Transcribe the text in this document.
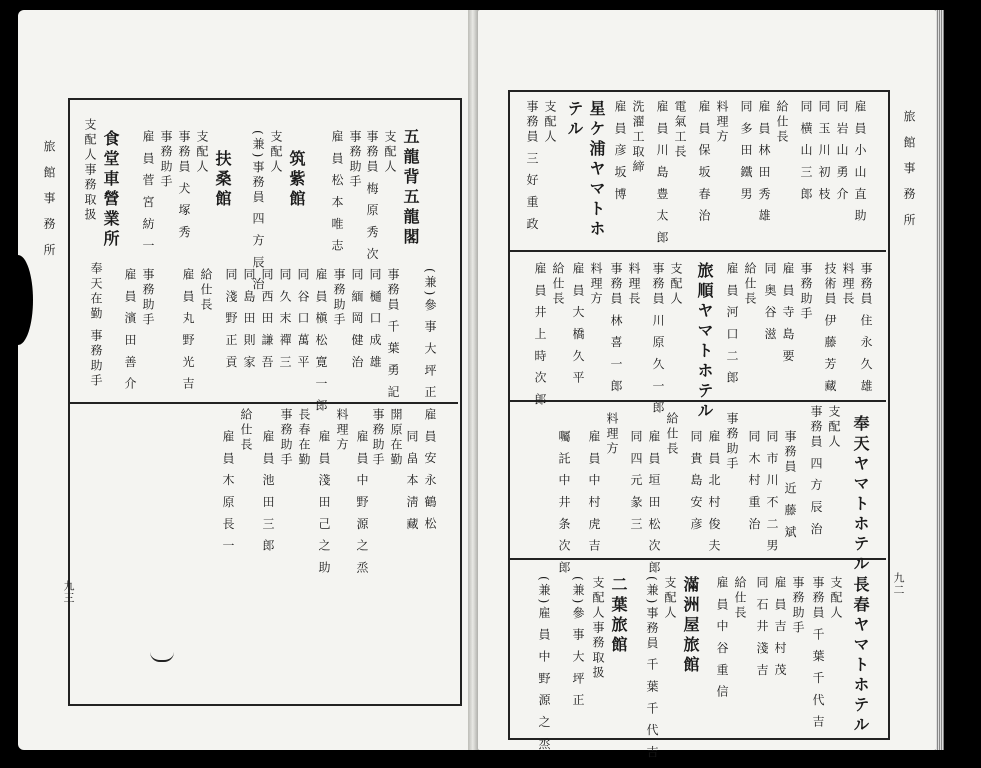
旅 館 事 務 所
九三
旅 館 事 務 所
九二
五龍背五龍閣
支配人
事務員 梅 原 秀 次
事務助手
雇 員 松 本 唯 志
筑紫館
支配人
(兼)事務員 四 方 辰 治
扶桑館
支配人
事務員 犬 塚 秀
事務助手
雇 員 菅 宮 紡 一
食堂車營業所
支配人事務取扱
(兼)參 事 大 坪 正
事務員 千 葉 勇 記
同 樋 口 成 雄
同 緬 岡 健 治
事務助手
雇 員 槇 松 寛 一 郎
同 谷 口 萬 平
同 久 末 禪 三
同 西 田 謙 吾
同 島 田 則 家
同 淺 野 正 貢
給仕長
雇 員 丸 野 光 吉
事務助手
雇 員 濱 田 善 介
奉天在勤 事務助手
雇 員 安 永 鶴 松
開原在勤 同 畠 本 淸 藏
事務助手
雇 員 中 野 源 之 烝
料理方
雇 員 淺 田 己 之 助
長春在勤
事務助手
雇 員 池 田 三 郎
給仕長
雇 員 木 原 長 一
雇 員 小 山 直 助
同 岩 山 勇 介
同 玉 川 初 枝
同 横 山 三 郎
給仕長
雇 員 林 田 秀 雄
同 多 田 鐵 男
料理方
雇 員 保 坂 春 治
電氣工長
雇 員 川 島 豊 太 郎
洗濯工取締
雇 員 彦 坂 博
星ケ浦ヤマトホ
テル
支配人
事務員 三 好 重 政
事務員 住 永 久 雄
料理長
技術員 伊 藤 芳 藏
事務助手
雇 員 寺 島 要
同 奥 谷 滋
給仕長
雇 員 河 口 二 郎
旅順ヤマトホテル
支配人
事務員 川 原 久 一 郎
料理長
事務員 林 喜 一 郎
料理方
雇 員 大 橋 久 平
給仕長
雇 員 井 上 時 次 郎
奉天ヤマトホテル
支配人
事務員 四 方 辰 治
事務員 近 藤 斌
同 市 川 不 二 男
同 木 村 重 治
事務助手
雇 員 北 村 俊 夫
同 貴 島 安 彦
給仕長
雇 員 垣 田 松 次 郎
同 四 元 彖 三
料理方
雇 員 中 村 虎 吉
囑 託 中 井 条 次 郎
長春ヤマトホテル
支配人
事務員 千 葉 千 代 吉
事務助手
雇 員 吉 村 茂
同 石 井 淺 吉
給仕長
雇 員 中 谷 重 信
滿洲屋旅館
支配人
(兼)事務員 千 葉 千 代 吉
二葉旅館
支配人事務取扱
(兼)參 事 大 坪 正
(兼)雇 員 中 野 源 之 烝
